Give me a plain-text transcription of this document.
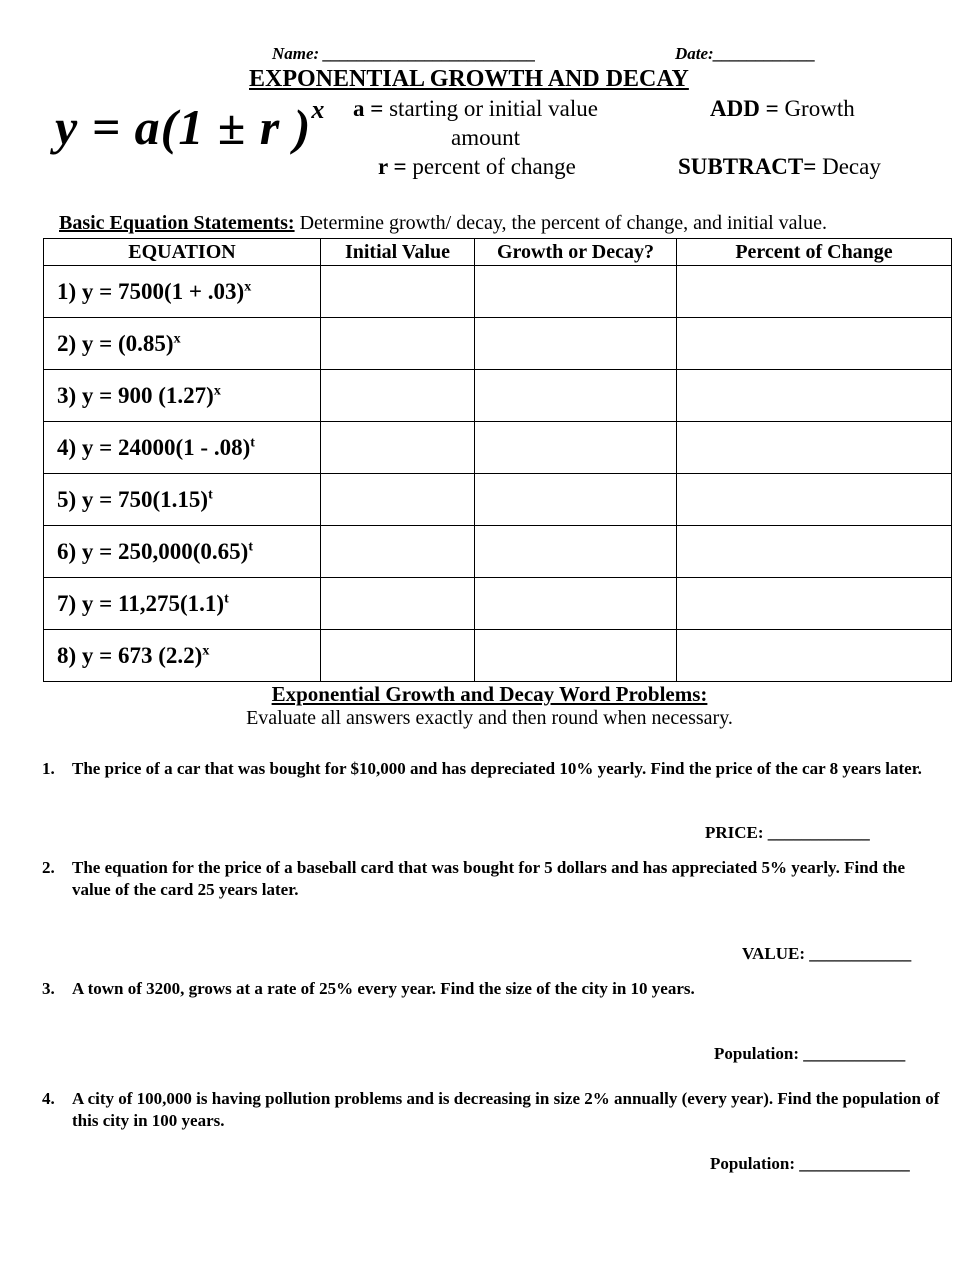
Name: _________________________	Date:____________
EXPONENTIAL GROWTH AND DECAY
y = a(1 ± r )$^x$ a = starting or initial value
amount
r = percent of change
ADD = Growth
SUBTRACT= Decay
Basic Equation Statements: Determine growth/ decay, the percent of change, and initial value.
EQUATION	Initial Value	Growth or Decay?	Percent of Change
1) $y = 7500(1 + .03)^x$			
2) $y = (0.85)^x$			
3) y = 900 $(1.27)^x$			
4) y = 24000(1 - .08)$^t$			
5) $y = 750(1.15)^t$			
6) $y = 250,000(0.65)^t$			
7) $y = 11,275(1.1)^t$			
8) y = 673 $(2.2)^x$			
Exponential Growth and Decay Word Problems:
Evaluate all answers exactly and then round when necessary.
1. The price of a car that was bought for $10,000 and has depreciated 10% yearly. Find the price of the car 8 years later.
PRICE: ____________
2. The equation for the price of a baseball card that was bought for 5 dollars and has appreciated 5% yearly. Find the value of the card 25 years later.
VALUE: ____________
3. A town of 3200, grows at a rate of 25% every year. Find the size of the city in 10 years.
Population: ____________
4. A city of 100,000 is having pollution problems and is decreasing in size 2% annually (every year). Find the population of this city in 100 years.
Population: _____________
